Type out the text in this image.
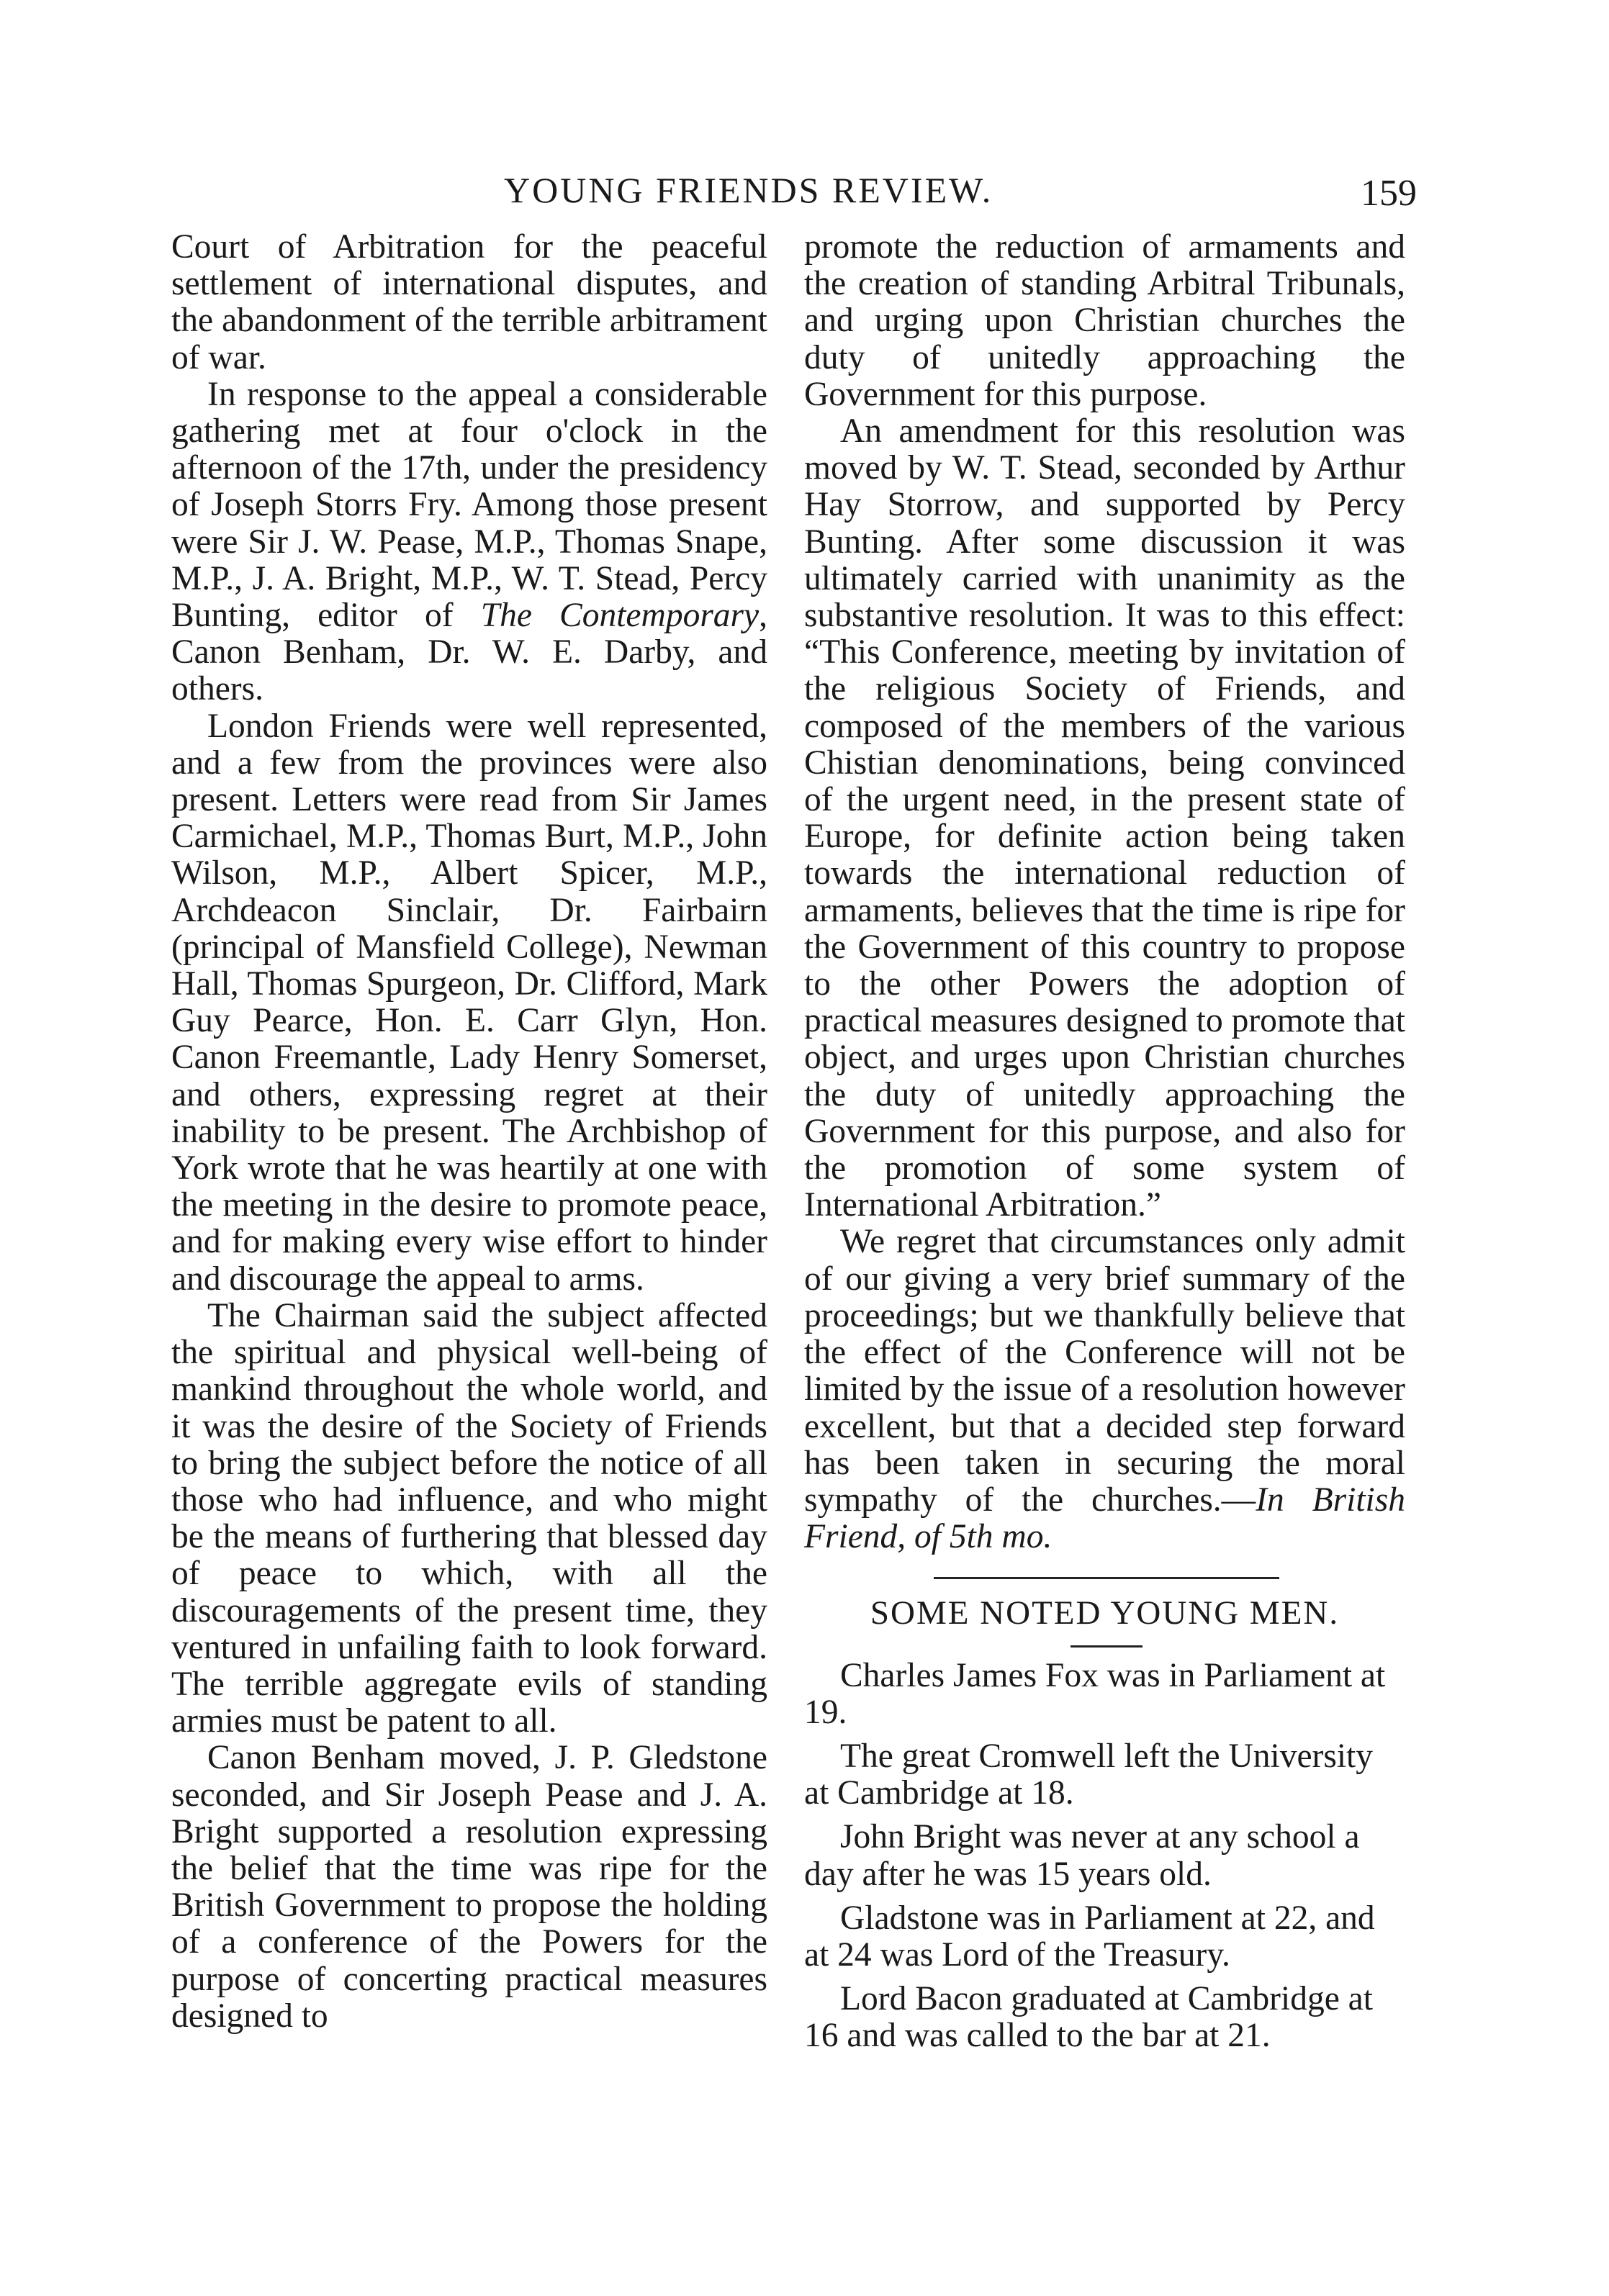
YOUNG FRIENDS REVIEW.	159

Court of Arbitration for the peaceful settlement of international disputes, and the abandonment of the terrible arbitrament of war.

In response to the appeal a considerable gathering met at four o'clock in the afternoon of the 17th, under the presidency of Joseph Storrs Fry. Among those present were Sir J. W. Pease, M.P., Thomas Snape, M.P., J. A. Bright, M.P., W. T. Stead, Percy Bunting, editor of The Contemporary, Canon Benham, Dr. W. E. Darby, and others.

London Friends were well represented, and a few from the provinces were also present. Letters were read from Sir James Carmichael, M.P., Thomas Burt, M.P., John Wilson, M.P., Albert Spicer, M.P., Archdeacon Sinclair, Dr. Fairbairn (principal of Mansfield College), Newman Hall, Thomas Spurgeon, Dr. Clifford, Mark Guy Pearce, Hon. E. Carr Glyn, Hon. Canon Freemantle, Lady Henry Somerset, and others, expressing regret at their inability to be present. The Archbishop of York wrote that he was heartily at one with the meeting in the desire to promote peace, and for making every wise effort to hinder and discourage the appeal to arms.

The Chairman said the subject affected the spiritual and physical well-being of mankind throughout the whole world, and it was the desire of the Society of Friends to bring the subject before the notice of all those who had influence, and who might be the means of furthering that blessed day of peace to which, with all the discouragements of the present time, they ventured in unfailing faith to look forward. The terrible aggregate evils of standing armies must be patent to all.

Canon Benham moved, J. P. Gledstone seconded, and Sir Joseph Pease and J. A. Bright supported a resolution expressing the belief that the time was ripe for the British Government to propose the holding of a conference of the Powers for the purpose of concerting practical measures designed to

promote the reduction of armaments and the creation of standing Arbitral Tribunals, and urging upon Christian churches the duty of unitedly approaching the Government for this purpose.

An amendment for this resolution was moved by W. T. Stead, seconded by Arthur Hay Storrow, and supported by Percy Bunting. After some discussion it was ultimately carried with unanimity as the substantive resolution. It was to this effect: “This Conference, meeting by invitation of the religious Society of Friends, and composed of the members of the various Chistian denominations, being convinced of the urgent need, in the present state of Europe, for definite action being taken towards the international reduction of armaments, believes that the time is ripe for the Government of this country to propose to the other Powers the adoption of practical measures designed to promote that object, and urges upon Christian churches the duty of unitedly approaching the Government for this purpose, and also for the promotion of some system of International Arbitration.”

We regret that circumstances only admit of our giving a very brief summary of the proceedings; but we thankfully believe that the effect of the Conference will not be limited by the issue of a resolution however excellent, but that a decided step forward has been taken in securing the moral sympathy of the churches.—In British Friend, of 5th mo.

SOME NOTED YOUNG MEN.

Charles James Fox was in Parliament at 19.

The great Cromwell left the University at Cambridge at 18.

John Bright was never at any school a day after he was 15 years old.

Gladstone was in Parliament at 22, and at 24 was Lord of the Treasury.

Lord Bacon graduated at Cambridge at 16 and was called to the bar at 21.
